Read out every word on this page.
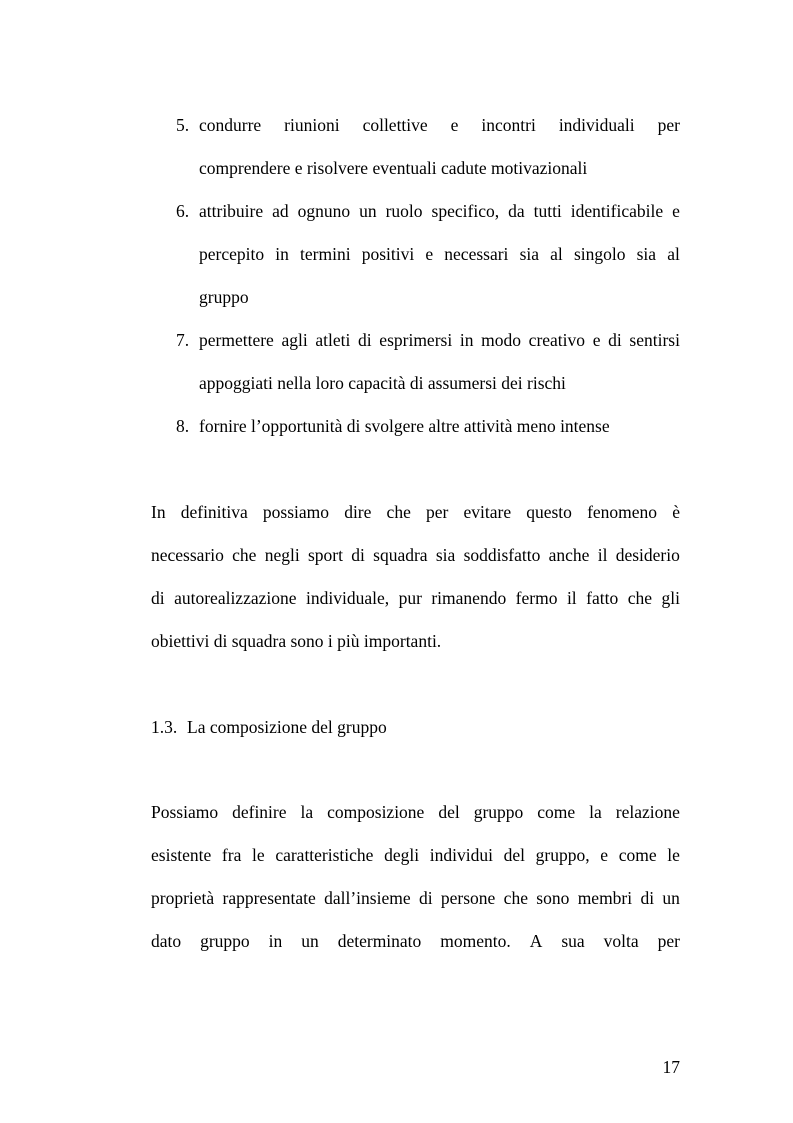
5. condurre riunioni collettive e incontri individuali per
comprendere e risolvere eventuali cadute motivazionali
6. attribuire ad ognuno un ruolo specifico, da tutti identificabile e
percepito in termini positivi e necessari sia al singolo sia al
gruppo
7. permettere agli atleti di esprimersi in modo creativo e di sentirsi
appoggiati nella loro capacità di assumersi dei rischi
8. fornire l’opportunità di svolgere altre attività meno intense
In definitiva possiamo dire che per evitare questo fenomeno è
necessario che negli sport di squadra sia soddisfatto anche il desiderio
di autorealizzazione individuale, pur rimanendo fermo il fatto che gli
obiettivi di squadra sono i più importanti.
1.3. La composizione del gruppo
Possiamo definire la composizione del gruppo come la relazione
esistente fra le caratteristiche degli individui del gruppo, e come le
proprietà rappresentate dall’insieme di persone che sono membri di un
dato gruppo in un determinato momento. A sua volta per
17
